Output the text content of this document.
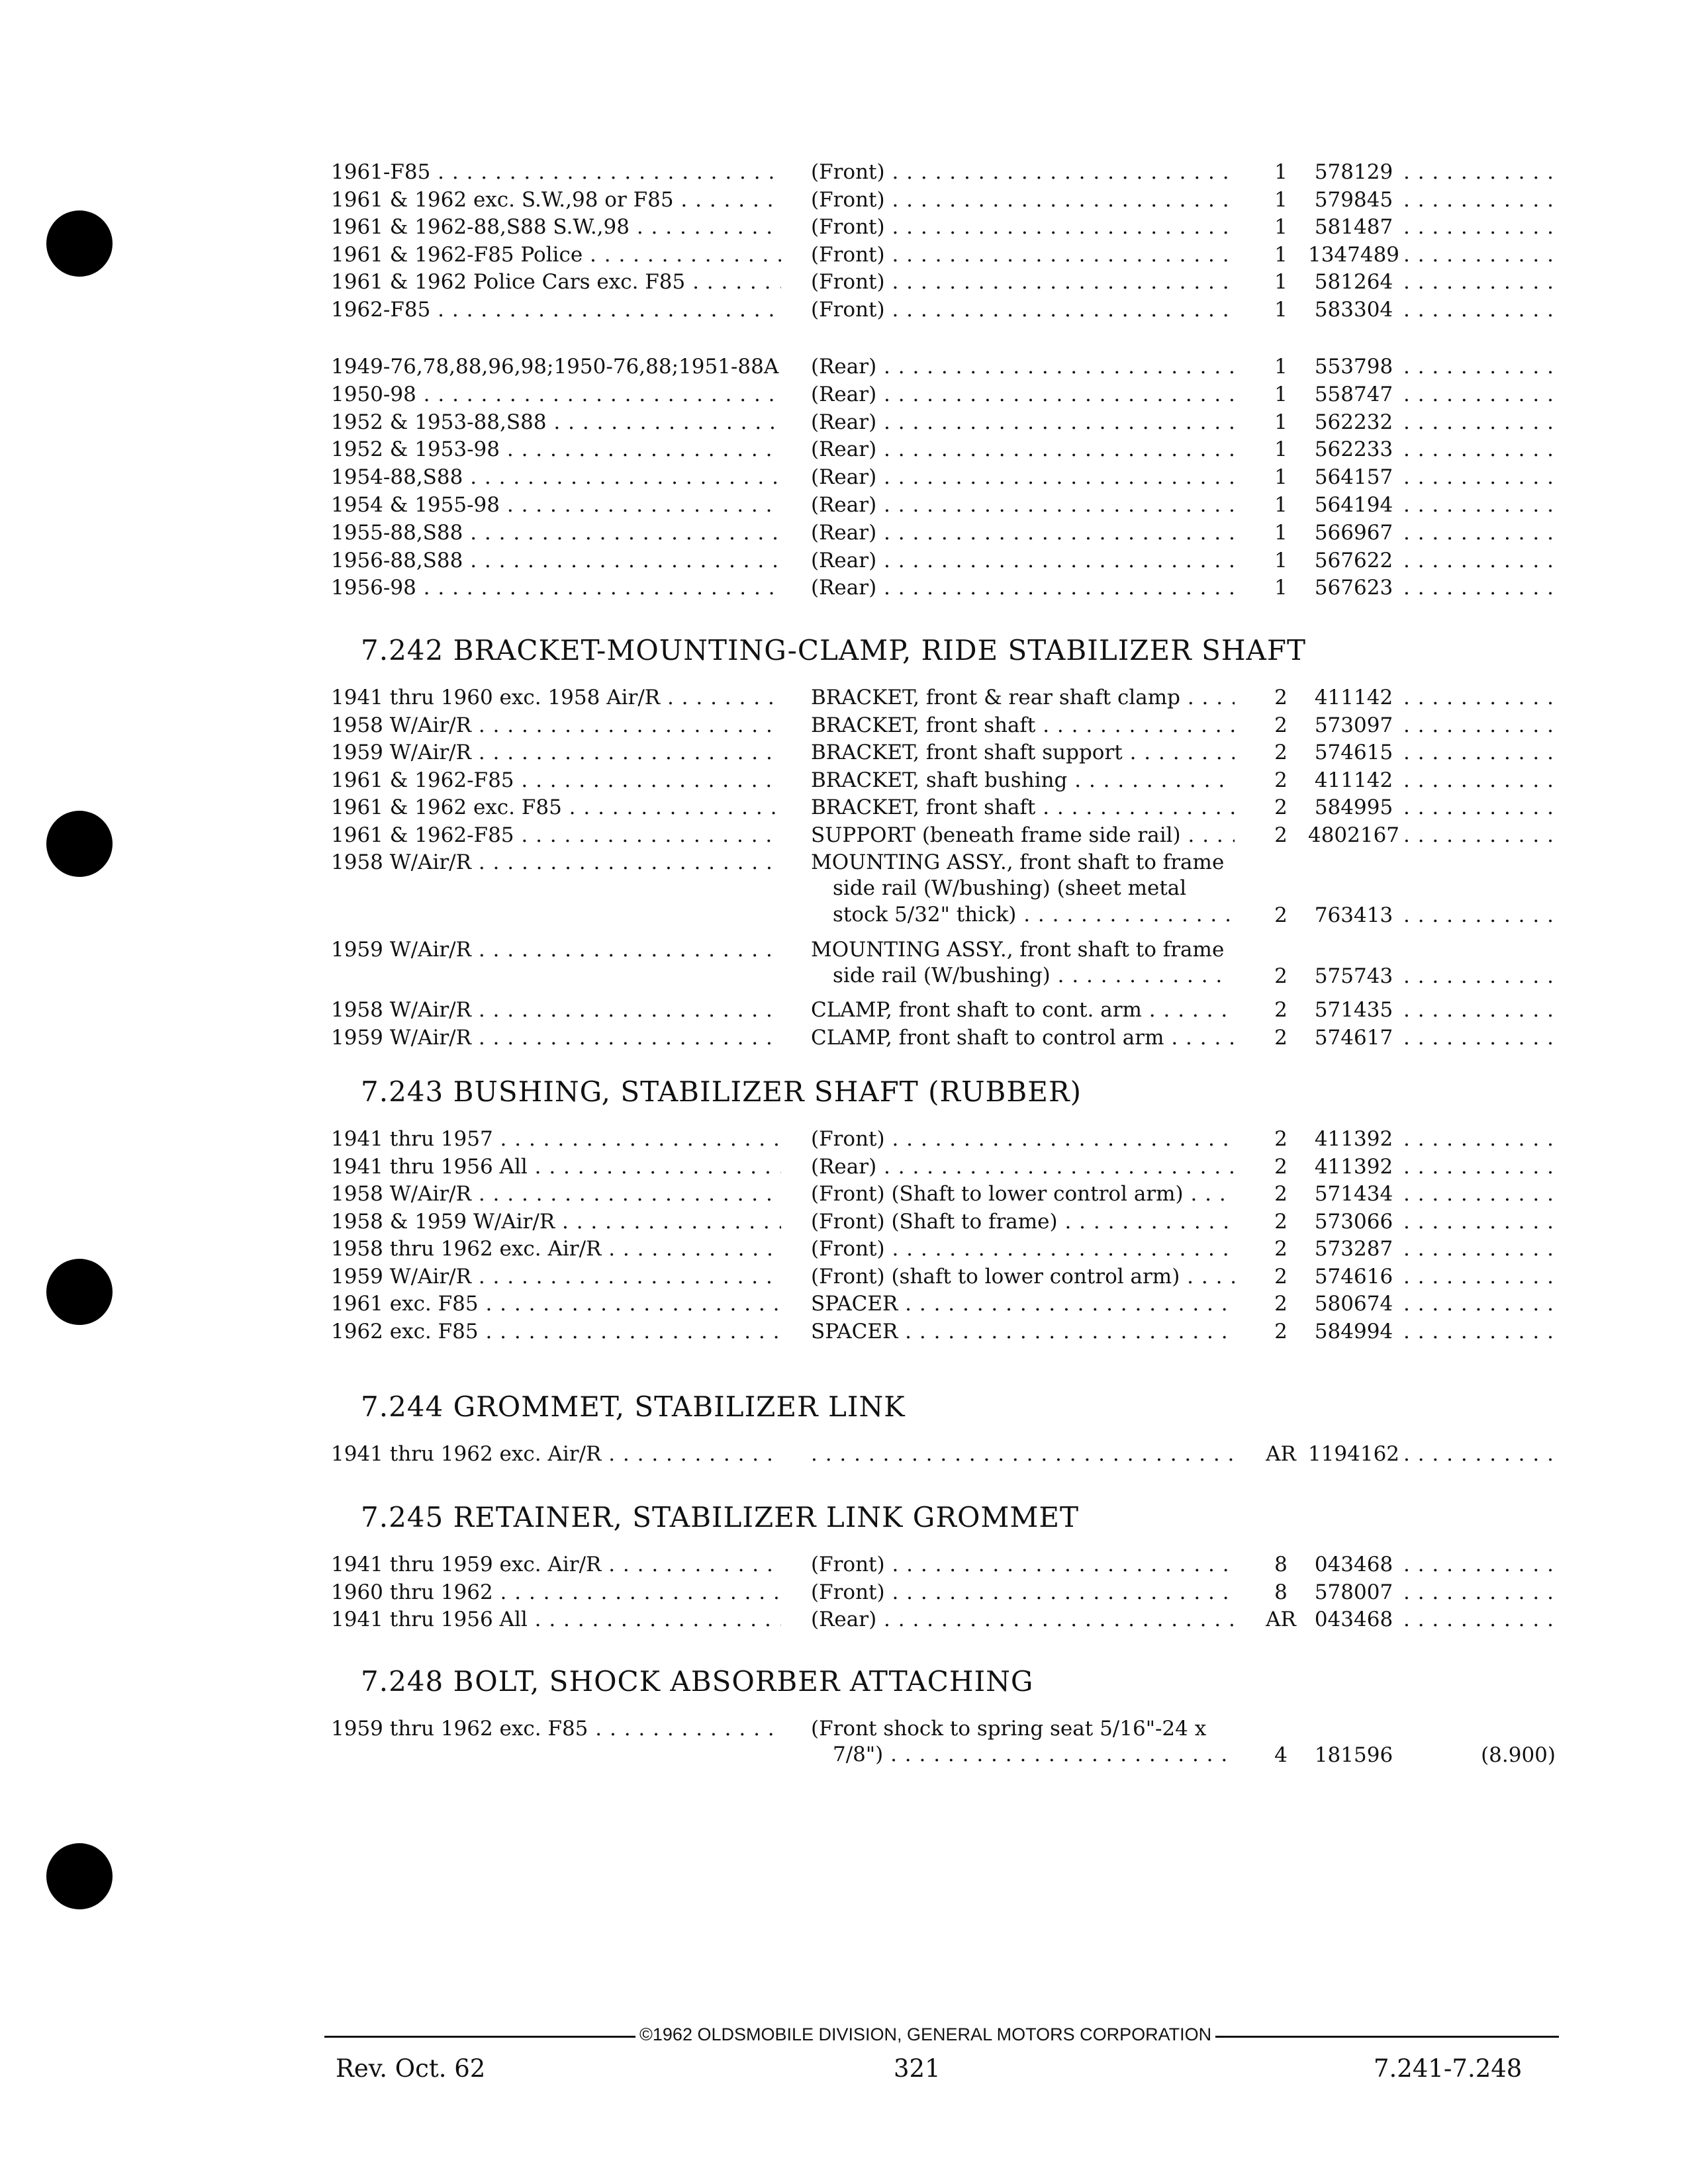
1961-F85 . . .	(Front) . . .	1	578129
. . .
1961 & 1962 exc. S.W.,98 or F85 . . .	(Front) . . .	1	579845
. . .
1961 & 1962-88,S88 S.W.,98 . . .	(Front) . . .	1	581487
. . .
1961 & 1962-F85 Police . . .	(Front) . . .	1	1347489
. . .
1961 & 1962 Police Cars exc. F85 . . .	(Front) . . .	1	581264
. . .
1962-F85 . . .	(Front) . . .	1	583304
. . .
1949-76,78,88,96,98;1950-76,88;1951-88A . . . (Rear) . . .	1	553798
. . .
1950-98 . . .	(Rear) . . .	1	558747
. . .
1952 & 1953-88,S88 . . .	(Rear) . . .	1	562232
. . .
1952 & 1953-98 . . .	(Rear) . . .	1	562233
. . .
1954-88,S88 . . .	(Rear) . . .	1	564157
. . .
1954 & 1955-98 . . .	(Rear) . . .	1	564194
. . .
1955-88,S88 . . .	(Rear) . . .	1	566967
. . .
1956-88,S88 . . .	(Rear) . . .	1	567622
. . .
1956-98 . . .	(Rear) . . .	1	567623
. . .
7.242 BRACKET-MOUNTING-CLAMP, RIDE STABILIZER SHAFT
1941 thru 1960 exc. 1958 Air/R . . .	BRACKET, front & rear shaft clamp . . .	2	411142
. . .
1958 W/Air/R . . .	BRACKET, front shaft . . .	2	573097
. . .
1959 W/Air/R . . .	BRACKET, front shaft support . . .	2	574615
. . .
1961 & 1962-F85 . . .	BRACKET, shaft bushing . . .	2	411142
. . .
1961 & 1962 exc. F85 . . .	BRACKET, front shaft . . .	2	584995
. . .
1961 & 1962-F85 . . .	SUPPORT (beneath frame side rail) . . .	2	4802167
. . .
side rail (W/bushing) (sheet metal
stock 5/32" thick) . . .
1958 W/Air/R . . .	MOUNTING ASSY., front shaft to frame
2	763413
. . .
side rail (W/bushing) . . .
1959 W/Air/R . . .	MOUNTING ASSY., front shaft to frame
2	575743
. . .
1958 W/Air/R . . .	CLAMP, front shaft to cont. arm . . .	2	571435
. . .
1959 W/Air/R . . .	CLAMP, front shaft to control arm . . .	2	574617
. . .
7.243 BUSHING, STABILIZER SHAFT (RUBBER)
1941 thru 1957 . . .	(Front) . . .	2	411392
. . .
1941 thru 1956 All . . .	(Rear) . . .	2	411392
. . .
1958 W/Air/R . . .	(Front) (Shaft to lower control arm) . . .	2	571434
. . .
1958 & 1959 W/Air/R . . .	(Front) (Shaft to frame) . . .	2	573066
. . .
1958 thru 1962 exc. Air/R . . .	(Front) . . .	2	573287
. . .
1959 W/Air/R . . .	(Front) (shaft to lower control arm) . . .	2	574616
. . .
1961 exc. F85 . . .	SPACER . . .	2	580674
. . .
1962 exc. F85 . . .	SPACER . . .	2	584994
. . .
7.244 GROMMET, STABILIZER LINK
1941 thru 1962 exc. Air/R . . .
. . .	AR 1194162
. . .
7.245 RETAINER, STABILIZER LINK GROMMET
1941 thru 1959 exc. Air/R . . .	(Front) . . .	8	043468
. . .
1960 thru 1962 . . .	(Front) . . .	8	578007
. . .
1941 thru 1956 All . . .	(Rear) . . .	AR 043468
. . .
7.248 BOLT, SHOCK ABSORBER ATTACHING
7/8") . . .
1959 thru 1962 exc. F85 . . .	(Front shock to spring seat 5/16"-24 x
4	181596	(8.900)
©1962 OLDSMOBILE DIVISION, GENERAL MOTORS CORPORATION
Rev. Oct. 62	321	7.241-7.248
